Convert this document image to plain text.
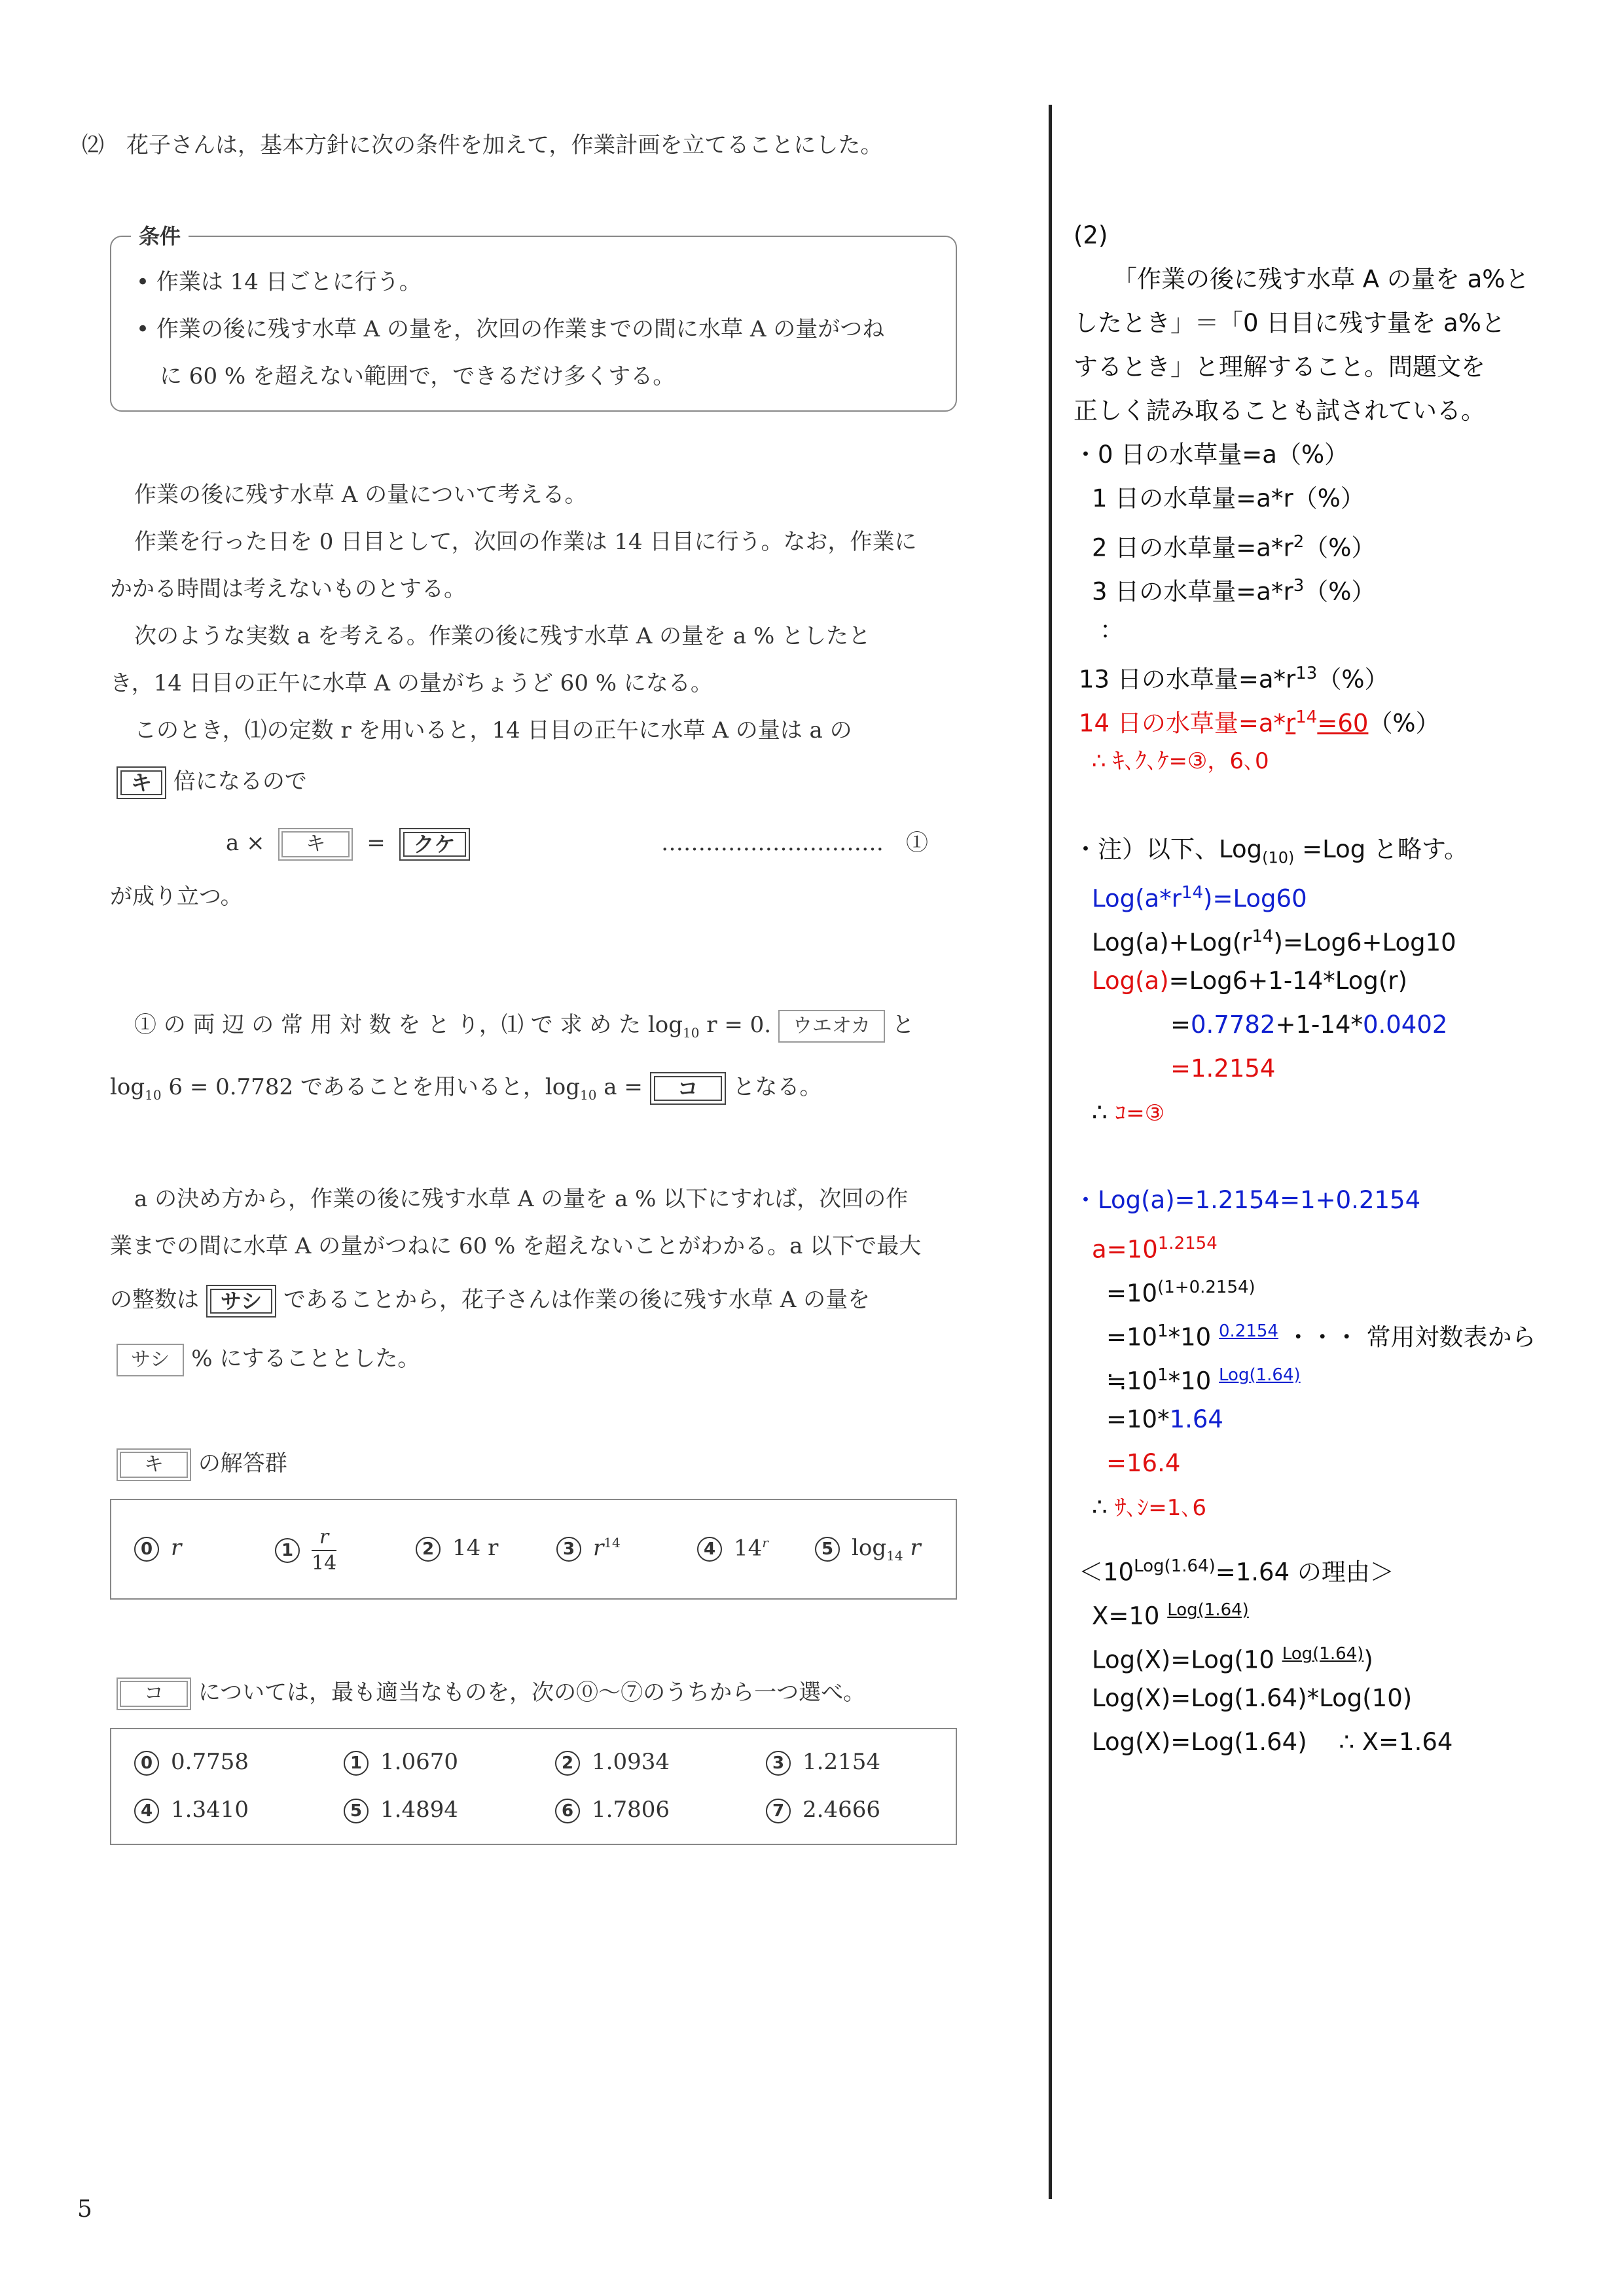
⑵　花子さんは，基本方針に次の条件を加えて，作業計画を立てることにした。
条件
• 作業は 14 日ごとに行う。
• 作業の後に残す水草 A の量を，次回の作業までの間に水草 A の量がつね
に 60 % を超えない範囲で，できるだけ多くする。
作業の後に残す水草 A の量について考える。
作業を行った日を 0 日目として，次回の作業は 14 日目に行う。なお，作業に
かかる時間は考えないものとする。
次のような実数 a を考える。作業の後に残す水草 A の量を a % としたと
き，14 日目の正午に水草 A の量がちょうど 60 % になる。
このとき，⑴の定数 r を用いると，14 日目の正午に水草 A の量は a の
キ 倍になるので
a × キ = クケ	…………………………　①
が成り立つ。
① の 両 辺 の 常 用 対 数 を と り，⑴ で 求 め た $\log_{10} r = 0$. ウエオカ と
$\log_{10} 6 = 0.7782$ であることを用いると，$\log_{10} a$ = コ となる。
a の決め方から，作業の後に残す水草 A の量を a % 以下にすれば，次回の作
業までの間に水草 A の量がつねに 60 % を超えないことがわかる。a 以下で最大
の整数は サシ であることから，花子さんは作業の後に残す水草 A の量を
サシ % にすることとした。
キ の解答群
0 r	$1 \frac{r}{14}$	2 14 r	3 $r^{14}$	4 14$^r$	5 $\log_{14} r$
コ については，最も適当なものを，次の⓪～⑦のうちから一つ選べ。
0 0.7758	1 1.0670	2 1.0934	3 1.2154
4 1.3410	5 1.4894	6 1.7806	7 2.4666
5
(2)
「作業の後に残す水草 A の量を a%と
したとき」＝「0 日目に残す量を a%と
するとき」と理解すること。問題文を
正しく読み取ることも試されている。
・0 日の水草量=a（%）
1 日の水草量=a*r（%）
2 日の水草量$=a*r^2(\%)$
3 日の水草量$=a*r^3(\%)$
：
13 日の水草量$=a*r^{13}(\%)$
14 日の水草量$=a*r^{14}=60(\%)$
∴ ｷ､ｸ､ｹ=③，6､0
・注）以下、Log$_{(10)}$ =Log と略す。
$Log(a*r^{14})=Log60$
$Log(a)+Log(r^{14})=Log6+Log10$
Log(a)=Log6+1-14*Log(r)
=0.7782+1-14*0.0402
=1.2154
∴ ｺ=③
・Log(a)=1.2154=1+0.2154
$a=10^{1.2154}$
$=10^{(1+0.2154)}$
$=10^1*10$ $^{0.2154}$ ・・・ 常用対数表から
$≒10^1*10$ $^{Log(1.64)}$
=10*1.64
=16.4
∴ ｻ､ｼ=1､6
$<10^{Log(1.64)}=1.64$ の理由＞
X=10 $^{Log(1.64)}$
Log(X)=Log(10 $^{Log(1.64)}$)
Log(X)=Log(1.64)*Log(10)
Log(X)=Log(1.64)　 ∴ X=1.64
